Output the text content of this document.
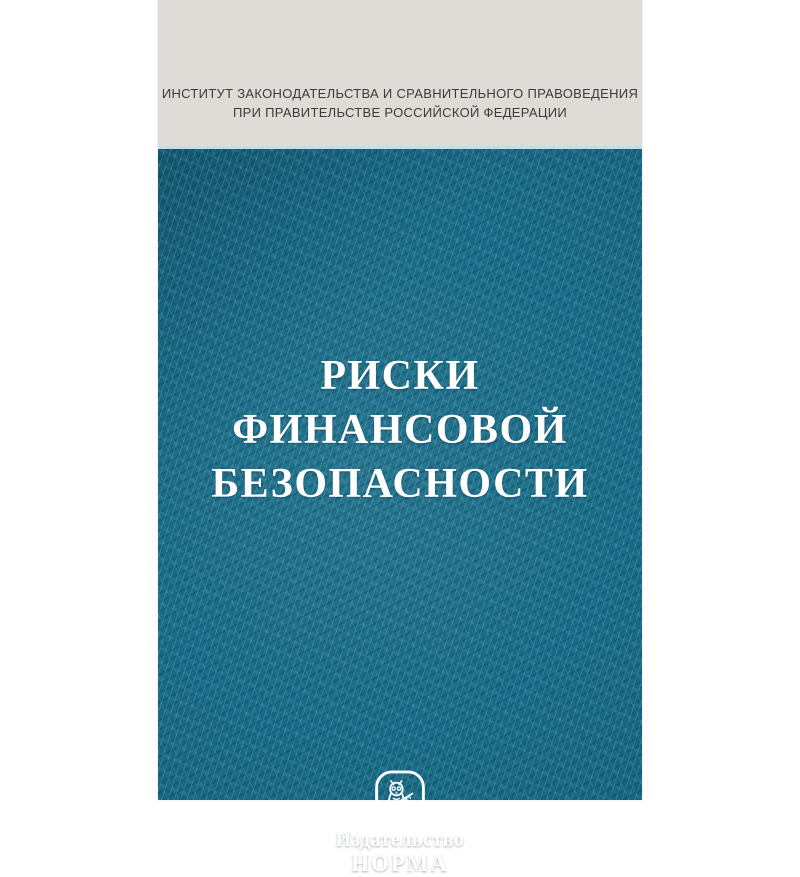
ИНСТИТУТ ЗАКОНОДАТЕЛЬСТВА И СРАВНИТЕЛЬНОГО ПРАВОВЕДЕНИЯ
ПРИ ПРАВИТЕЛЬСТВЕ РОССИЙСКОЙ ФЕДЕРАЦИИ
РИСКИ
ФИНАНСОВОЙ
БЕЗОПАСНОСТИ
§
Издательство
НОРМА
